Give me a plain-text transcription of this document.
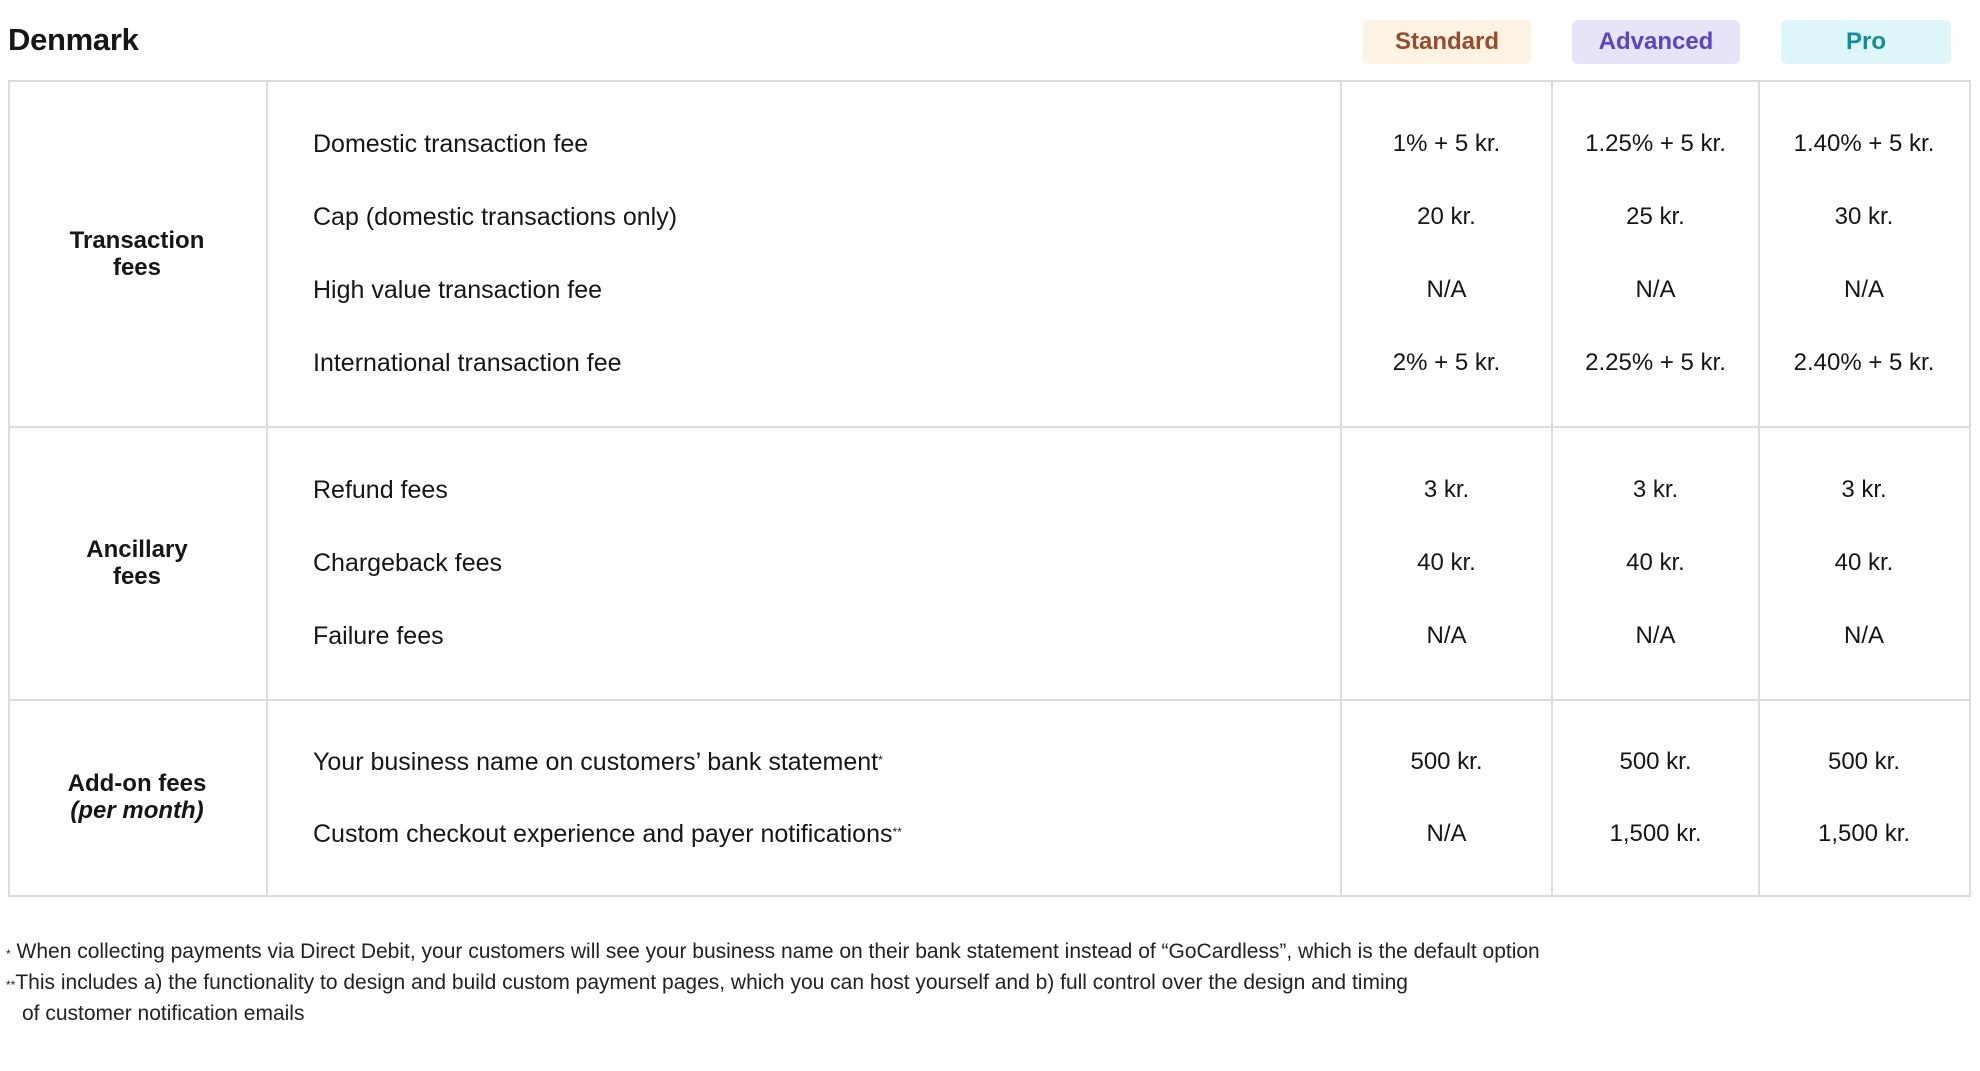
Denmark	Standard	Advanced	Pro
Transaction
fees
Domestic transaction fee	1% + 5 kr.	1.25% + 5 kr.	1.40% + 5 kr.
Cap (domestic transactions only)	20 kr.	25 kr.	30 kr.
High value transaction fee	N/A	N/A	N/A
International transaction fee	2% + 5 kr.	2.25% + 5 kr.	2.40% + 5 kr.
Ancillary
fees
Refund fees	3 kr.	3 kr.	3 kr.
Chargeback fees	40 kr.	40 kr.	40 kr.
Failure fees	N/A	N/A	N/A
Add-on fees
(per month)
Your business name on customers’ bank statement*	500 kr.	500 kr.	500 kr.
Custom checkout experience and payer notifications**	N/A	1,500 kr.	1,500 kr.
* When collecting payments via Direct Debit, your customers will see your business name on their bank statement instead of “GoCardless”, which is the default option
**This includes a) the functionality to design and build custom payment pages, which you can host yourself and b) full control over the design and timing
of customer notification emails
